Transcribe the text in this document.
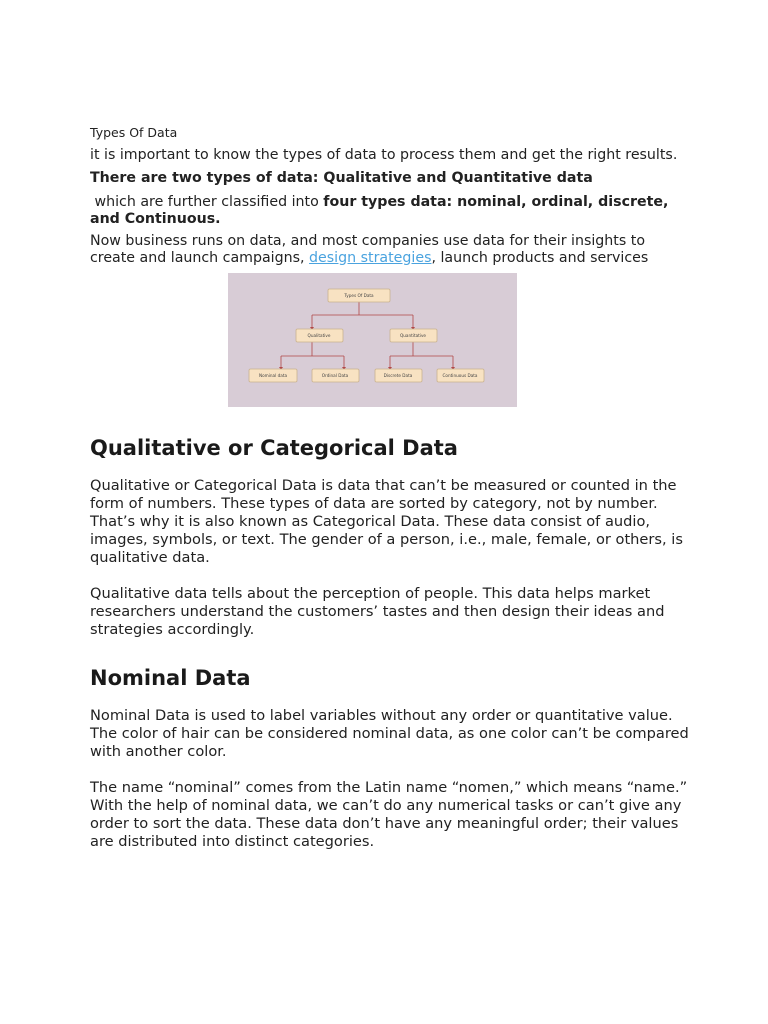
Types Of Data

it is important to know the types of data to process them and get the right results.

There are two types of data: Qualitative and Quantitative data

which are further classified into four types data: nominal, ordinal, discrete, and Continuous.

Now business runs on data, and most companies use data for their insights to create and launch campaigns, design strategies, launch products and services

Types Of Data
Qualitative	Quantitative
Nominal data	Ordinal Data	Discrete Data	Continuous Data
Qualitative or Categorical Data

Qualitative or Categorical Data is data that can’t be measured or counted in the form of numbers. These types of data are sorted by category, not by number. That’s why it is also known as Categorical Data. These data consist of audio, images, symbols, or text. The gender of a person, i.e., male, female, or others, is qualitative data.

Qualitative data tells about the perception of people. This data helps market researchers understand the customers’ tastes and then design their ideas and strategies accordingly.

Nominal Data

Nominal Data is used to label variables without any order or quantitative value. The color of hair can be considered nominal data, as one color can’t be compared with another color.

The name “nominal” comes from the Latin name “nomen,” which means “name.” With the help of nominal data, we can’t do any numerical tasks or can’t give any order to sort the data. These data don’t have any meaningful order; their values are distributed into distinct categories.
